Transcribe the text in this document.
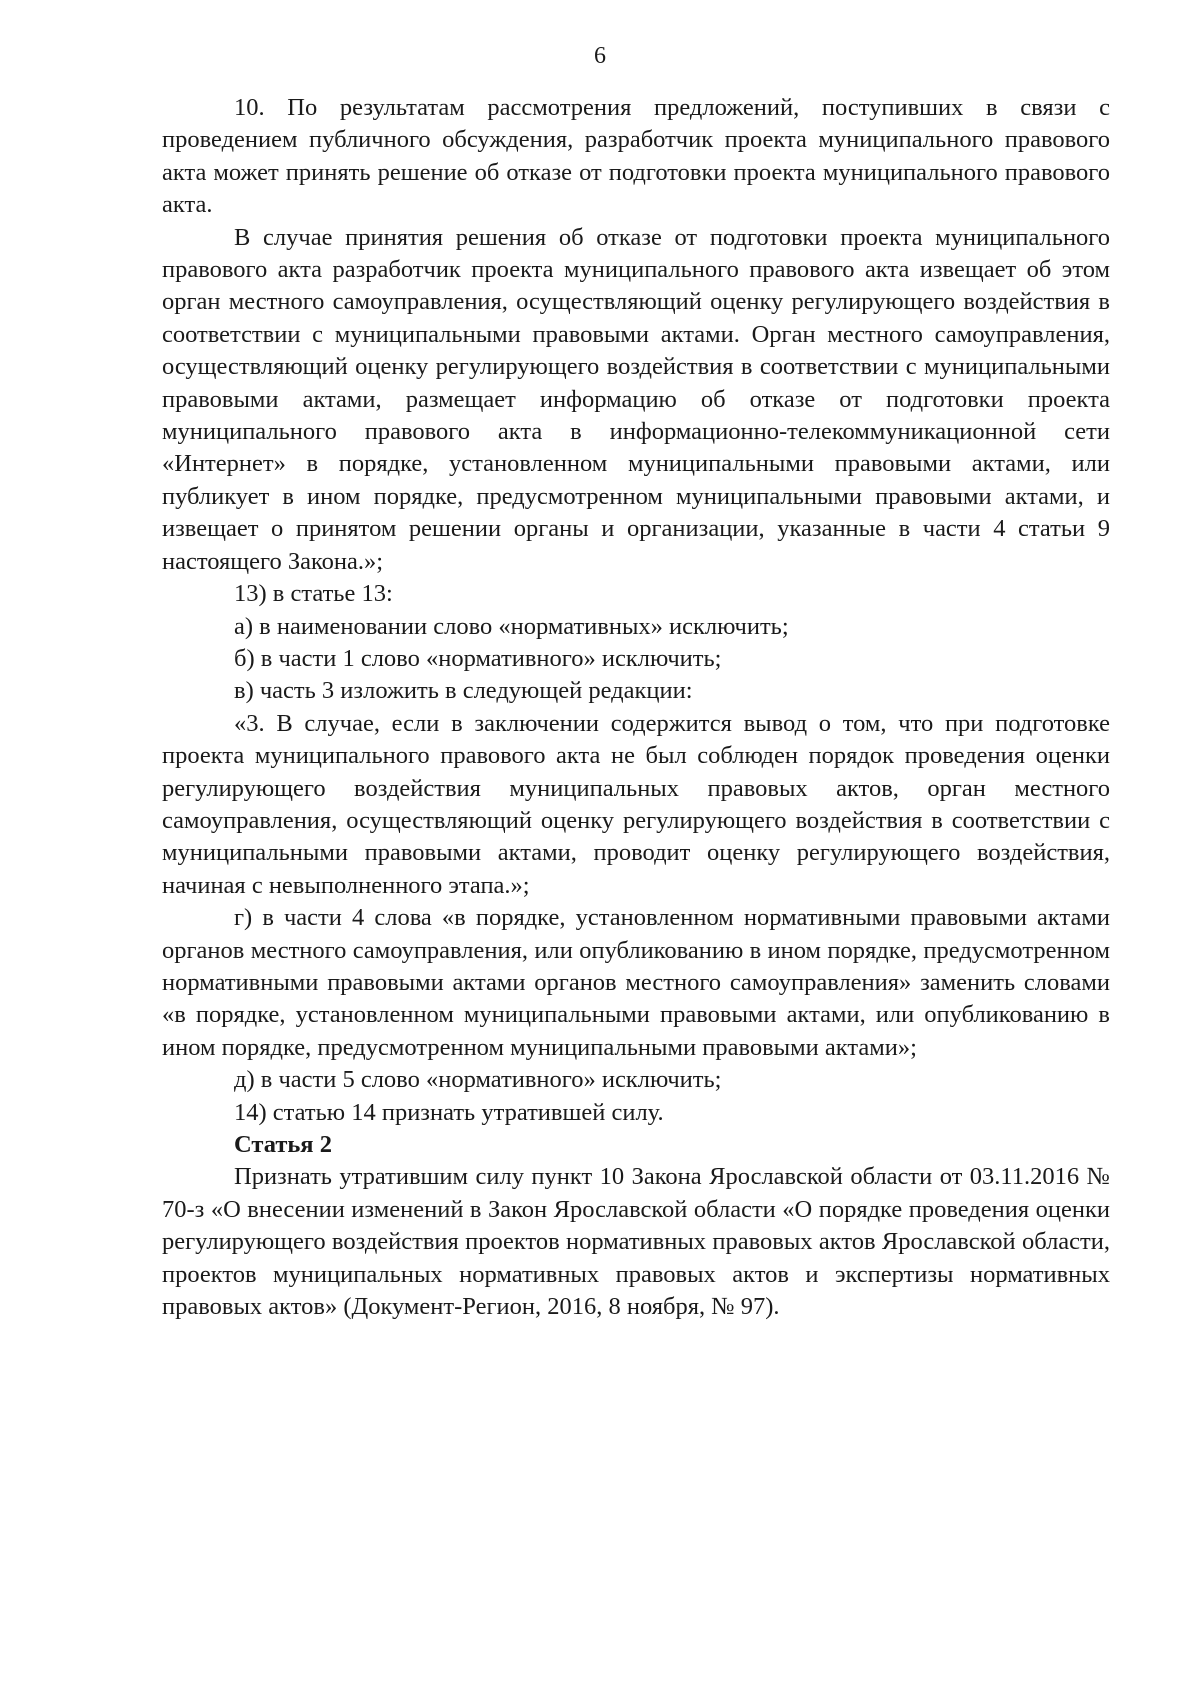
6

10. По результатам рассмотрения предложений, поступивших в связи с проведением публичного обсуждения, разработчик проекта муниципального правового акта может принять решение об отказе от подготовки проекта муниципального правового акта.

В случае принятия решения об отказе от подготовки проекта муниципального правового акта разработчик проекта муниципального правового акта извещает об этом орган местного самоуправления, осуществляющий оценку регулирующего воздействия в соответствии с муниципальными правовыми актами. Орган местного самоуправления, осуществляющий оценку регулирующего воздействия в соответствии с муниципальными правовыми актами, размещает информацию об отказе от подготовки проекта муниципального правового акта в информационно-телекоммуникационной сети «Интернет» в порядке, установленном муниципальными правовыми актами, или публикует в ином порядке, предусмотренном муниципальными правовыми актами, и извещает о принятом решении органы и организации, указанные в части 4 статьи 9 настоящего Закона.»;

13) в статье 13:

а) в наименовании слово «нормативных» исключить;

б) в части 1 слово «нормативного» исключить;

в) часть 3 изложить в следующей редакции:

«3. В случае, если в заключении содержится вывод о том, что при подготовке проекта муниципального правового акта не был соблюден порядок проведения оценки регулирующего воздействия муниципальных правовых актов, орган местного самоуправления, осуществляющий оценку регулирующего воздействия в соответствии с муниципальными правовыми актами, проводит оценку регулирующего воздействия, начиная с невыполненного этапа.»;

г) в части 4 слова «в порядке, установленном нормативными правовыми актами органов местного самоуправления, или опубликованию в ином порядке, предусмотренном нормативными правовыми актами органов местного самоуправления» заменить словами «в порядке, установленном муниципальными правовыми актами, или опубликованию в ином порядке, предусмотренном муниципальными правовыми актами»;

д) в части 5 слово «нормативного» исключить;

14) статью 14 признать утратившей силу.

Статья 2

Признать утратившим силу пункт 10 Закона Ярославской области от 03.11.2016 № 70-з «О внесении изменений в Закон Ярославской области «О порядке проведения оценки регулирующего воздействия проектов нормативных правовых актов Ярославской области, проектов муниципальных нормативных правовых актов и экспертизы нормативных правовых актов» (Документ-Регион, 2016, 8 ноября, № 97).
